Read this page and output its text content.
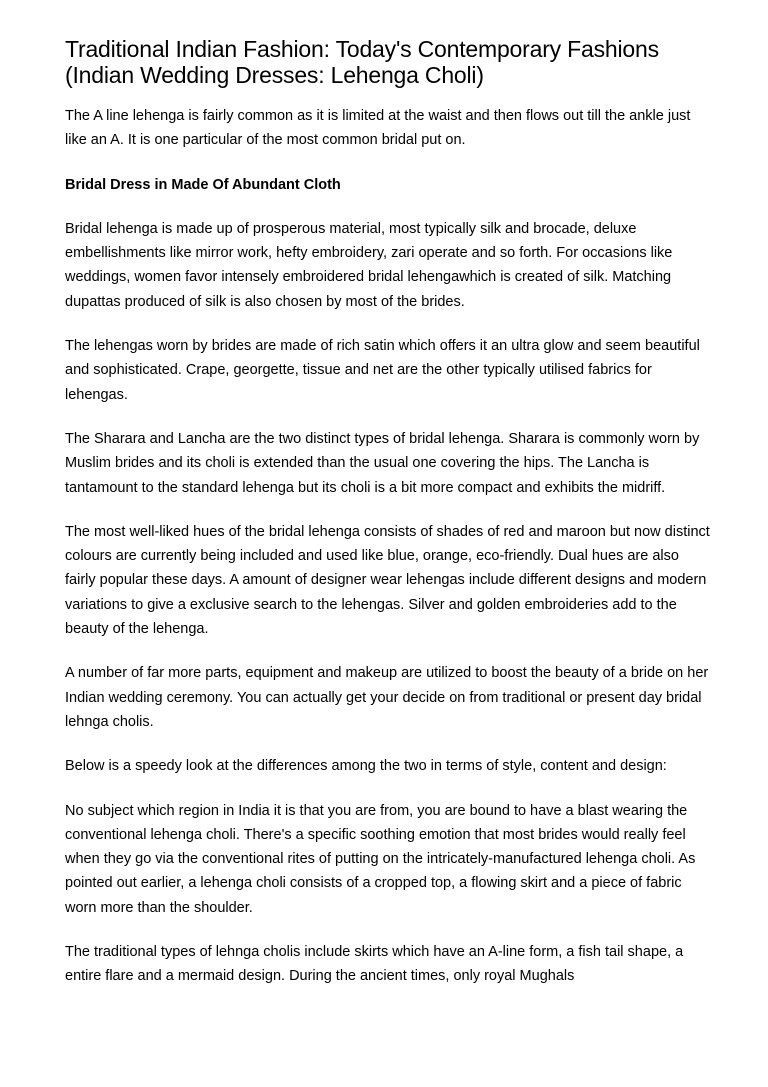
Traditional Indian Fashion: Today's Contemporary Fashions
(Indian Wedding Dresses: Lehenga Choli)

The A line lehenga is fairly common as it is limited at the waist and then flows out till the ankle just like an A. It is one particular of the most common bridal put on.

Bridal Dress in Made Of Abundant Cloth

Bridal lehenga is made up of prosperous material, most typically silk and brocade, deluxe embellishments like mirror work, hefty embroidery, zari operate and so forth. For occasions like weddings, women favor intensely embroidered bridal lehengawhich is created of silk. Matching dupattas produced of silk is also chosen by most of the brides.

The lehengas worn by brides are made of rich satin which offers it an ultra glow and seem beautiful and sophisticated. Crape, georgette, tissue and net are the other typically utilised fabrics for lehengas.

The Sharara and Lancha are the two distinct types of bridal lehenga. Sharara is commonly worn by Muslim brides and its choli is extended than the usual one covering the hips. The Lancha is tantamount to the standard lehenga but its choli is a bit more compact and exhibits the midriff.

The most well-liked hues of the bridal lehenga consists of shades of red and maroon but now distinct colours are currently being included and used like blue, orange, eco-friendly. Dual hues are also fairly popular these days. A amount of designer wear lehengas include different designs and modern variations to give a exclusive search to the lehengas. Silver and golden embroideries add to the beauty of the lehenga.

A number of far more parts, equipment and makeup are utilized to boost the beauty of a bride on her Indian wedding ceremony. You can actually get your decide on from traditional or present day bridal lehnga cholis.

Below is a speedy look at the differences among the two in terms of style, content and design:

No subject which region in India it is that you are from, you are bound to have a blast wearing the conventional lehenga choli. There's a specific soothing emotion that most brides would really feel when they go via the conventional rites of putting on the intricately-manufactured lehenga choli. As pointed out earlier, a lehenga choli consists of a cropped top, a flowing skirt and a piece of fabric worn more than the shoulder.

The traditional types of lehnga cholis include skirts which have an A-line form, a fish tail shape, a entire flare and a mermaid design. During the ancient times, only royal Mughals
